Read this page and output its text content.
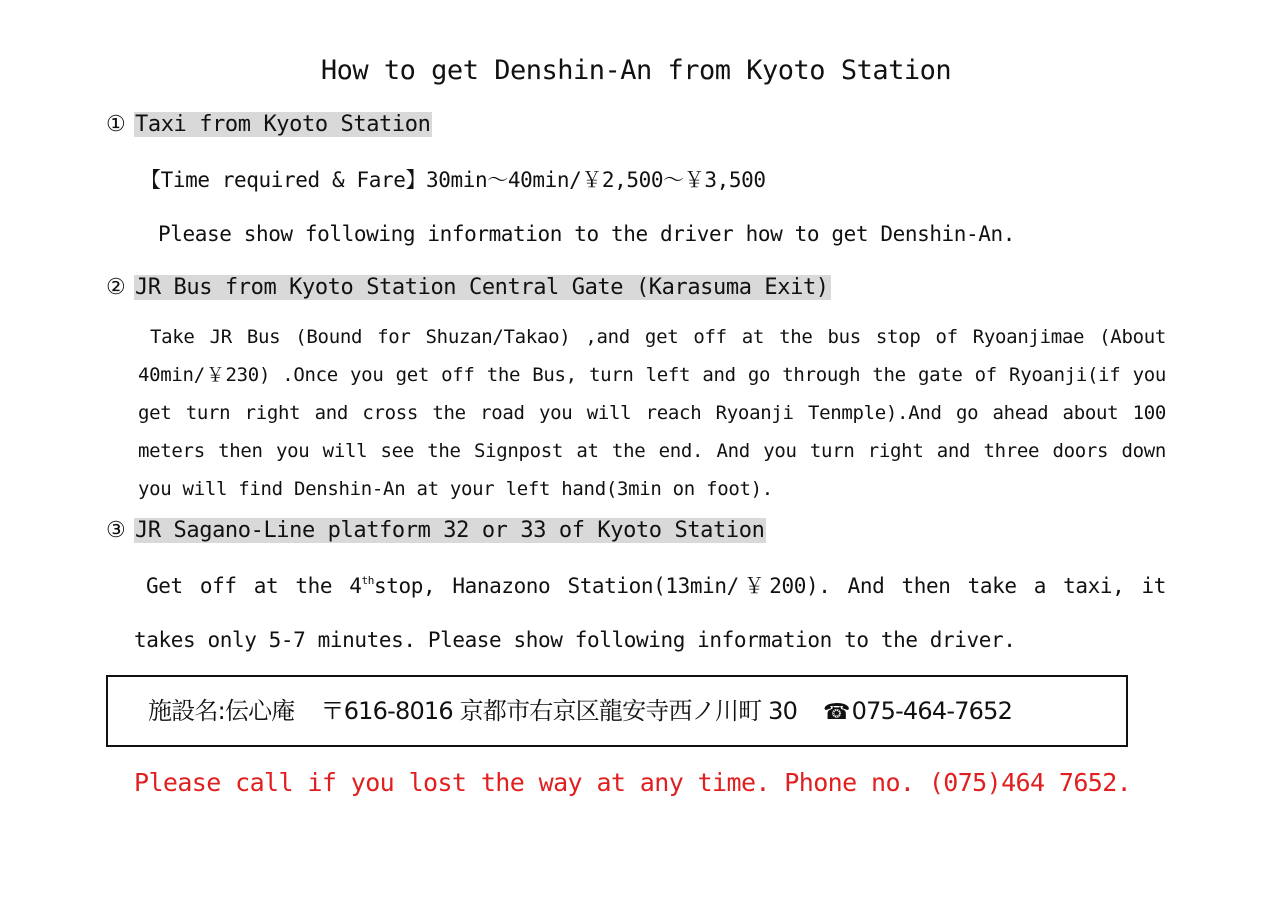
How to get Denshin-An from Kyoto Station
① Taxi from Kyoto Station
【Time required & Fare】30min～40min/￥2,500～￥3,500
Please show following information to the driver how to get Denshin-An.
② JR Bus from Kyoto Station Central Gate (Karasuma Exit)
Take JR Bus (Bound for Shuzan/Takao) ,and get off at the bus stop of Ryoanjimae (About 40min/￥230) .Once you get off the Bus, turn left and go through the gate of Ryoanji(if you get turn right and cross the road you will reach Ryoanji Tenmple).And go ahead about 100 meters then you will see the Signpost at the end. And you turn right and three doors down you will find Denshin-An at your left hand(3min on foot).
③ JR Sagano-Line platform 32 or 33 of Kyoto Station
Get off at the 4thstop, Hanazono Station(13min/￥200). And then take a taxi, it takes only 5-7 minutes. Please show following information to the driver.
施設名:伝心庵 〒616-8016 京都市右京区龍安寺西ノ川町 30 ☎075-464-7652
Please call if you lost the way at any time. Phone no. (075)464 7652.
